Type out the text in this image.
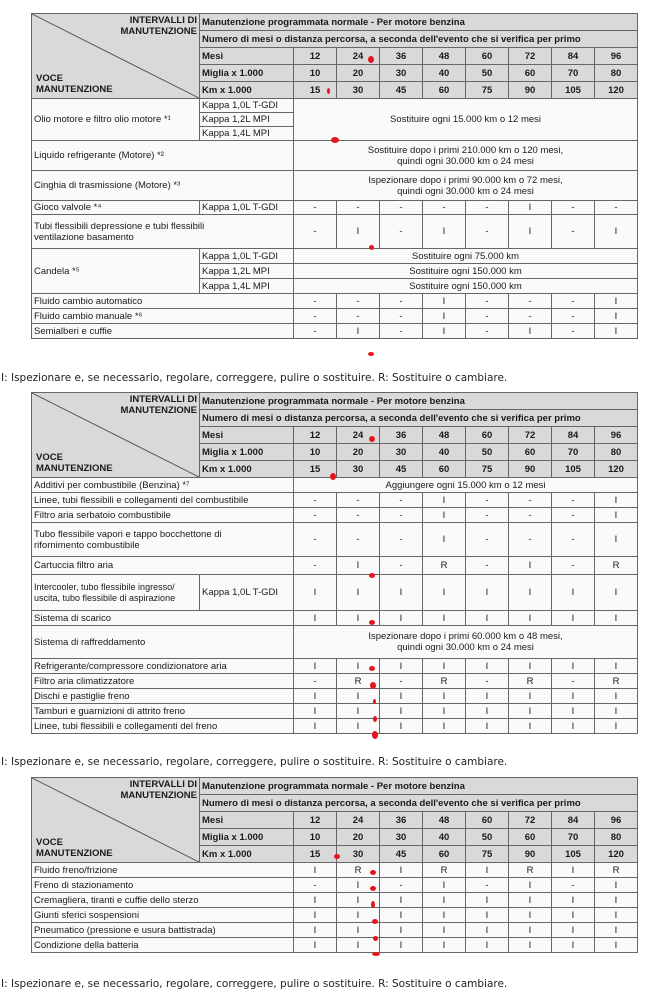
INTERVALLI DI MANUTENZIONE
VOCE MANUTENZIONE	Manutenzione programmata normale - Per motore benzina								
	Numero di mesi o distanza percorsa, a seconda dell'evento che si verifica per primo								
	Mesi	12	24	36	48	60	72	84	96
	Miglia x 1.000	10	20	30	40	50	60	70	80
	Km x 1.000	15	30	45	60	75	90	105	120
Olio motore e filtro olio motore *¹	Kappa 1,0L T-GDI	Sostituire ogni 15.000 km o 12 mesi							
	Kappa 1,2L MPI								
	Kappa 1,4L MPI								
Liquido refrigerante (Motore) *²		Sostituire dopo i primi 210.000 km o 120 mesi,
quindi ogni 30.000 km o 24 mesi							
Cinghia di trasmissione (Motore) *³		Ispezionare dopo i primi 90.000 km o 72 mesi,
quindi ogni 30.000 km o 24 mesi							
Gioco valvole *⁴	Kappa 1,0L T-GDI	-	-	-	-	-	I	-	-
Tubi flessibili depressione e tubi flessibili
ventilazione basamento		-	I	-	I	-	I	-	I
Candela *⁵	Kappa 1,0L T-GDI	Sostituire ogni 75.000 km							
	Kappa 1,2L MPI	Sostituire ogni 150.000 km							
	Kappa 1,4L MPI	Sostituire ogni 150.000 km							
Fluido cambio automatico		-	-	-	I	-	-	-	I
Fluido cambio manuale *⁶		-	-	-	I	-	-	-	I
Semialberi e cuffie		-	I	-	I	-	I	-	I
I: Ispezionare e, se necessario, regolare, correggere, pulire o sostituire. R: Sostituire o cambiare.
INTERVALLI DI MANUTENZIONE
VOCE MANUTENZIONE	Manutenzione programmata normale - Per motore benzina								
	Numero di mesi o distanza percorsa, a seconda dell'evento che si verifica per primo								
	Mesi	12	24	36	48	60	72	84	96
	Miglia x 1.000	10	20	30	40	50	60	70	80
	Km x 1.000	15	30	45	60	75	90	105	120
Additivi per combustibile (Benzina) *⁷		Aggiungere ogni 15.000 km o 12 mesi							
Linee, tubi flessibili e collegamenti del combustibile		-	-	-	I	-	-	-	I
Filtro aria serbatoio combustibile		-	-	-	I	-	-	-	I
Tubo flessibile vapori e tappo bocchettone di
rifornimento combustibile		-	-	-	I	-	-	-	I
Cartuccia filtro aria		-	I	-	R	-	I	-	R
Intercooler, tubo flessibile ingresso/
uscita, tubo flessibile di aspirazione	Kappa 1,0L T-GDI	I	I	I	I	I	I	I	I
Sistema di scarico		I	I	I	I	I	I	I	I
Sistema di raffreddamento		Ispezionare dopo i primi 60.000 km o 48 mesi,
quindi ogni 30.000 km o 24 mesi							
Refrigerante/compressore condizionatore aria		I	I	I	I	I	I	I	I
Filtro aria climatizzatore		-	R	-	R	-	R	-	R
Dischi e pastiglie freno		I	I	I	I	I	I	I	I
Tamburi e guarnizioni di attrito freno		I	I	I	I	I	I	I	I
Linee, tubi flessibili e collegamenti del freno		I	I	I	I	I	I	I	I
I: Ispezionare e, se necessario, regolare, correggere, pulire o sostituire. R: Sostituire o cambiare.
INTERVALLI DI MANUTENZIONE
VOCE MANUTENZIONE	Manutenzione programmata normale - Per motore benzina								
	Numero di mesi o distanza percorsa, a seconda dell'evento che si verifica per primo								
	Mesi	12	24	36	48	60	72	84	96
	Miglia x 1.000	10	20	30	40	50	60	70	80
	Km x 1.000	15	30	45	60	75	90	105	120
Fluido freno/frizione		I	R	I	R	I	R	I	R
Freno di stazionamento		-	I	-	I	-	I	-	I
Cremagliera, tiranti e cuffie dello sterzo		I	I	I	I	I	I	I	I
Giunti sferici sospensioni		I	I	I	I	I	I	I	I
Pneumatico (pressione e usura battistrada)		I	I	I	I	I	I	I	I
Condizione della batteria		I	I	I	I	I	I	I	I
I: Ispezionare e, se necessario, regolare, correggere, pulire o sostituire. R: Sostituire o cambiare.
